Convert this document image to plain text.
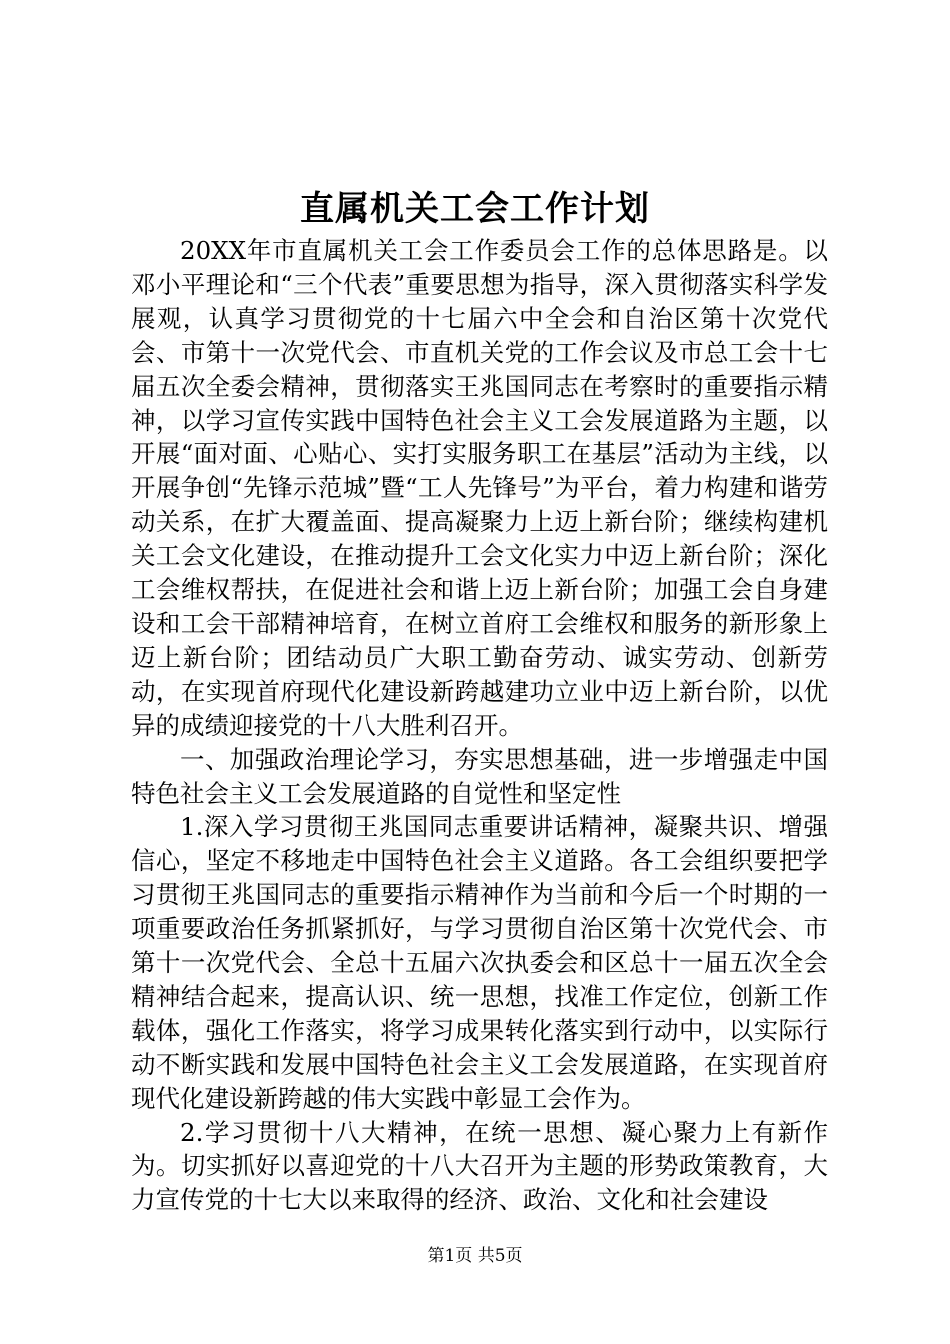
直属机关工会工作计划

20XX年市直属机关工会工作委员会工作的总体思路是。以邓小平理论和“三个代表”重要思想为指导，深入贯彻落实科学发展观，认真学习贯彻党的十七届六中全会和自治区第十次党代会、市第十一次党代会、市直机关党的工作会议及市总工会十七届五次全委会精神，贯彻落实王兆国同志在考察时的重要指示精神，以学习宣传实践中国特色社会主义工会发展道路为主题，以开展“面对面、心贴心、实打实服务职工在基层”活动为主线，以开展争创“先锋示范城”暨“工人先锋号”为平台，着力构建和谐劳动关系，在扩大覆盖面、提高凝聚力上迈上新台阶；继续构建机关工会文化建设，在推动提升工会文化实力中迈上新台阶；深化工会维权帮扶，在促进社会和谐上迈上新台阶；加强工会自身建设和工会干部精神培育，在树立首府工会维权和服务的新形象上迈上新台阶；团结动员广大职工勤奋劳动、诚实劳动、创新劳动，在实现首府现代化建设新跨越建功立业中迈上新台阶，以优异的成绩迎接党的十八大胜利召开。

一、加强政治理论学习，夯实思想基础，进一步增强走中国特色社会主义工会发展道路的自觉性和坚定性

1.深入学习贯彻王兆国同志重要讲话精神，凝聚共识、增强信心，坚定不移地走中国特色社会主义道路。各工会组织要把学习贯彻王兆国同志的重要指示精神作为当前和今后一个时期的一项重要政治任务抓紧抓好，与学习贯彻自治区第十次党代会、市第十一次党代会、全总十五届六次执委会和区总十一届五次全会精神结合起来，提高认识、统一思想，找准工作定位，创新工作载体，强化工作落实，将学习成果转化落实到行动中，以实际行动不断实践和发展中国特色社会主义工会发展道路，在实现首府现代化建设新跨越的伟大实践中彰显工会作为。

2.学习贯彻十八大精神，在统一思想、凝心聚力上有新作为。切实抓好以喜迎党的十八大召开为主题的形势政策教育，大力宣传党的十七大以来取得的经济、政治、文化和社会建设

第1页 共5页
